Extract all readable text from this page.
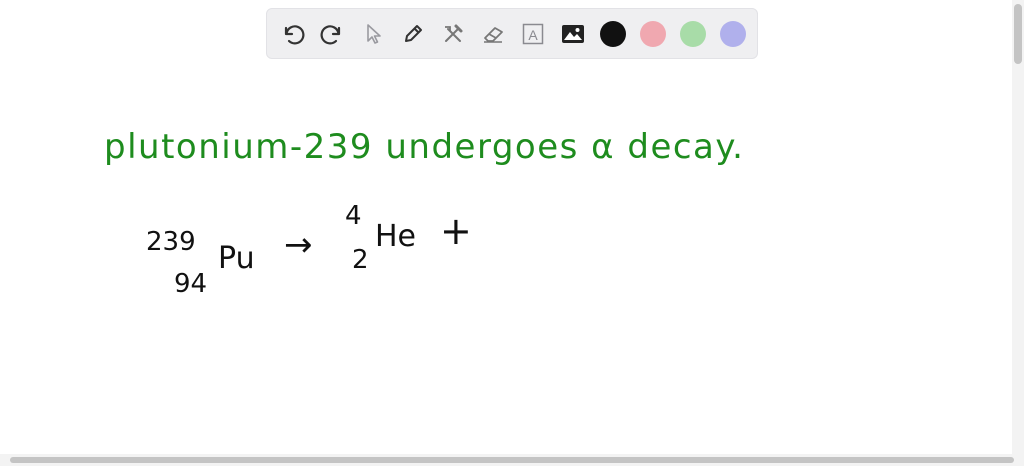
A
plutonium-239 undergoes α decay.
239
94
Pu →
4
2
He +
